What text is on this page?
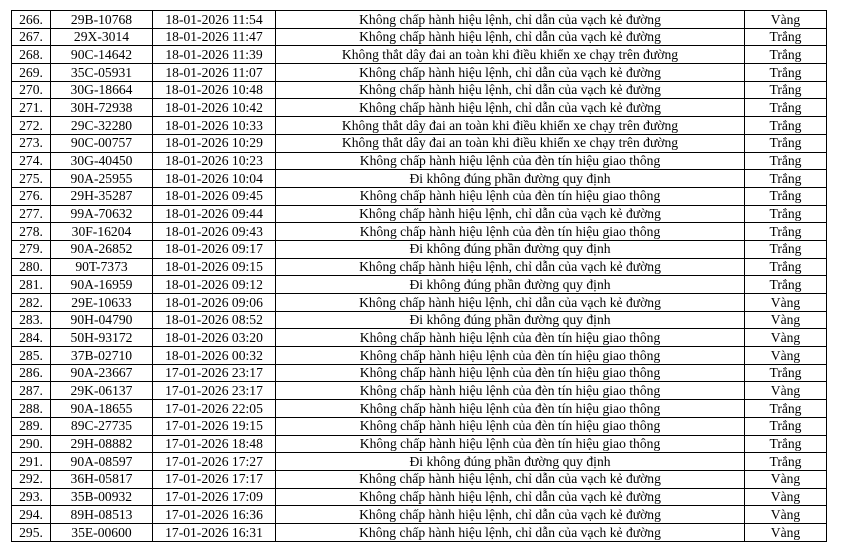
266.	29B-10768	18-01-2026 11:54	Không chấp hành hiệu lệnh, chỉ dẫn của vạch kẻ đường	Vàng
267.	29X-3014	18-01-2026 11:47	Không chấp hành hiệu lệnh, chỉ dẫn của vạch kẻ đường	Trắng
268.	90C-14642	18-01-2026 11:39	Không thắt dây đai an toàn khi điều khiển xe chạy trên đường	Trắng
269.	35C-05931	18-01-2026 11:07	Không chấp hành hiệu lệnh, chỉ dẫn của vạch kẻ đường	Trắng
270.	30G-18664	18-01-2026 10:48	Không chấp hành hiệu lệnh, chỉ dẫn của vạch kẻ đường	Trắng
271.	30H-72938	18-01-2026 10:42	Không chấp hành hiệu lệnh, chỉ dẫn của vạch kẻ đường	Trắng
272.	29C-32280	18-01-2026 10:33	Không thắt dây đai an toàn khi điều khiển xe chạy trên đường	Trắng
273.	90C-00757	18-01-2026 10:29	Không thắt dây đai an toàn khi điều khiển xe chạy trên đường	Trắng
274.	30G-40450	18-01-2026 10:23	Không chấp hành hiệu lệnh của đèn tín hiệu giao thông	Trắng
275.	90A-25955	18-01-2026 10:04	Đi không đúng phần đường quy định	Trắng
276.	29H-35287	18-01-2026 09:45	Không chấp hành hiệu lệnh của đèn tín hiệu giao thông	Trắng
277.	99A-70632	18-01-2026 09:44	Không chấp hành hiệu lệnh, chỉ dẫn của vạch kẻ đường	Trắng
278.	30F-16204	18-01-2026 09:43	Không chấp hành hiệu lệnh của đèn tín hiệu giao thông	Trắng
279.	90A-26852	18-01-2026 09:17	Đi không đúng phần đường quy định	Trắng
280.	90T-7373	18-01-2026 09:15	Không chấp hành hiệu lệnh, chỉ dẫn của vạch kẻ đường	Trắng
281.	90A-16959	18-01-2026 09:12	Đi không đúng phần đường quy định	Trắng
282.	29E-10633	18-01-2026 09:06	Không chấp hành hiệu lệnh, chỉ dẫn của vạch kẻ đường	Vàng
283.	90H-04790	18-01-2026 08:52	Đi không đúng phần đường quy định	Vàng
284.	50H-93172	18-01-2026 03:20	Không chấp hành hiệu lệnh của đèn tín hiệu giao thông	Vàng
285.	37B-02710	18-01-2026 00:32	Không chấp hành hiệu lệnh của đèn tín hiệu giao thông	Vàng
286.	90A-23667	17-01-2026 23:17	Không chấp hành hiệu lệnh của đèn tín hiệu giao thông	Trắng
287.	29K-06137	17-01-2026 23:17	Không chấp hành hiệu lệnh của đèn tín hiệu giao thông	Vàng
288.	90A-18655	17-01-2026 22:05	Không chấp hành hiệu lệnh của đèn tín hiệu giao thông	Trắng
289.	89C-27735	17-01-2026 19:15	Không chấp hành hiệu lệnh của đèn tín hiệu giao thông	Trắng
290.	29H-08882	17-01-2026 18:48	Không chấp hành hiệu lệnh của đèn tín hiệu giao thông	Trắng
291.	90A-08597	17-01-2026 17:27	Đi không đúng phần đường quy định	Trắng
292.	36H-05817	17-01-2026 17:17	Không chấp hành hiệu lệnh, chỉ dẫn của vạch kẻ đường	Vàng
293.	35B-00932	17-01-2026 17:09	Không chấp hành hiệu lệnh, chỉ dẫn của vạch kẻ đường	Vàng
294.	89H-08513	17-01-2026 16:36	Không chấp hành hiệu lệnh, chỉ dẫn của vạch kẻ đường	Vàng
295.	35E-00600	17-01-2026 16:31	Không chấp hành hiệu lệnh, chỉ dẫn của vạch kẻ đường	Vàng
